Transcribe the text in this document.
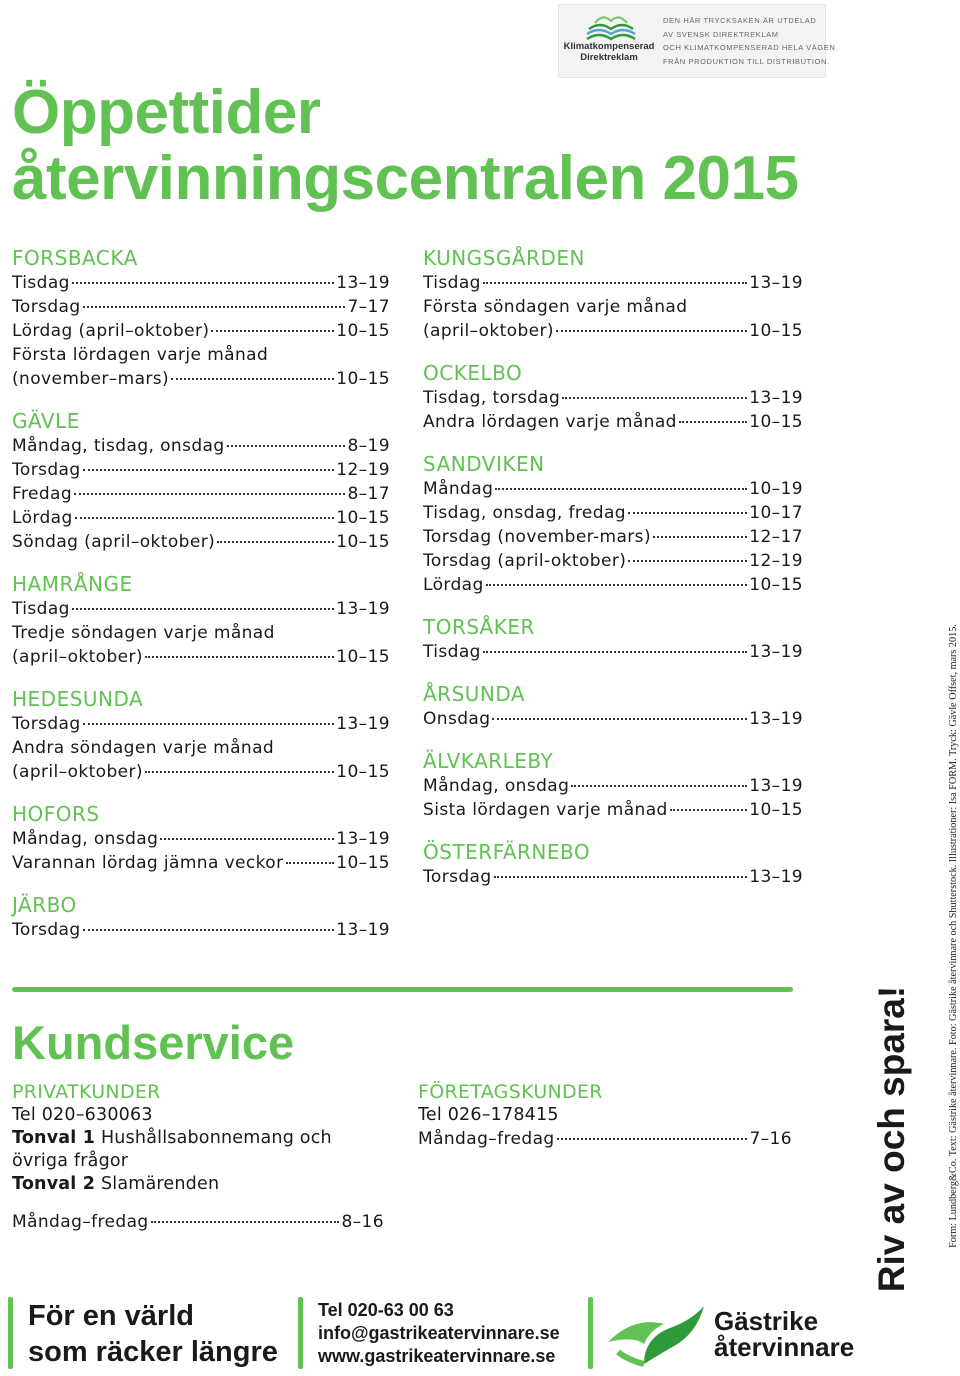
Klimatkompenserad
Direktreklam
DEN HÄR TRYCKSAKEN ÄR UTDELAD
AV SVENSK DIREKTREKLAM
OCH KLIMATKOMPENSERAD HELA VÄGEN
FRÅN PRODUKTION TILL DISTRIBUTION.
Öppettider
återvinningscentralen 2015
FORSBACKA
Tisdag	13–19
Torsdag	7–17
Lördag (april–oktober)	10–15
Första lördagen varje månad
(november–mars)	10–15
GÄVLE
Måndag, tisdag, onsdag	8–19
Torsdag	12–19
Fredag	8–17
Lördag	10–15
Söndag (april–oktober)	10–15
HAMRÅNGE
Tisdag	13–19
Tredje söndagen varje månad
(april–oktober)	10–15
HEDESUNDA
Torsdag	13–19
Andra söndagen varje månad
(april–oktober)	10–15
HOFORS
Måndag, onsdag	13–19
Varannan lördag jämna veckor	10–15
JÄRBO
Torsdag	13–19
KUNGSGÅRDEN
Tisdag	13–19
Första söndagen varje månad
(april–oktober)	10–15
OCKELBO
Tisdag, torsdag	13–19
Andra lördagen varje månad	10–15
SANDVIKEN
Måndag	10–19
Tisdag, onsdag, fredag	10–17
Torsdag (november-mars)	12–17
Torsdag (april-oktober)	12–19
Lördag	10–15
TORSÅKER
Tisdag	13–19
ÅRSUNDA
Onsdag	13–19
ÄLVKARLEBY
Måndag, onsdag	13–19
Sista lördagen varje månad	10–15
ÖSTERFÄRNEBO
Torsdag	13–19
Kundservice
PRIVATKUNDER
Tel 020–630063
Tonval 1 Hushållsabonnemang och övriga frågor
Tonval 2 Slamärenden
Måndag–fredag	8–16
FÖRETAGSKUNDER
Tel 026–178415
Måndag–fredag	7–16
För en värld
som räcker längre
Tel 020-63 00 63
info@gastrikeatervinnare.se
www.gastrikeatervinnare.se
Gästrike
återvinnare
Riv av och spara!	Form: Lundberg&Co. Text: Gästrike återvinnare. Foto: Gästrike återvinnare och Shutterstock. Illustrationer: Isa FORM. Tryck: Gävle Offset, mars 2015.
